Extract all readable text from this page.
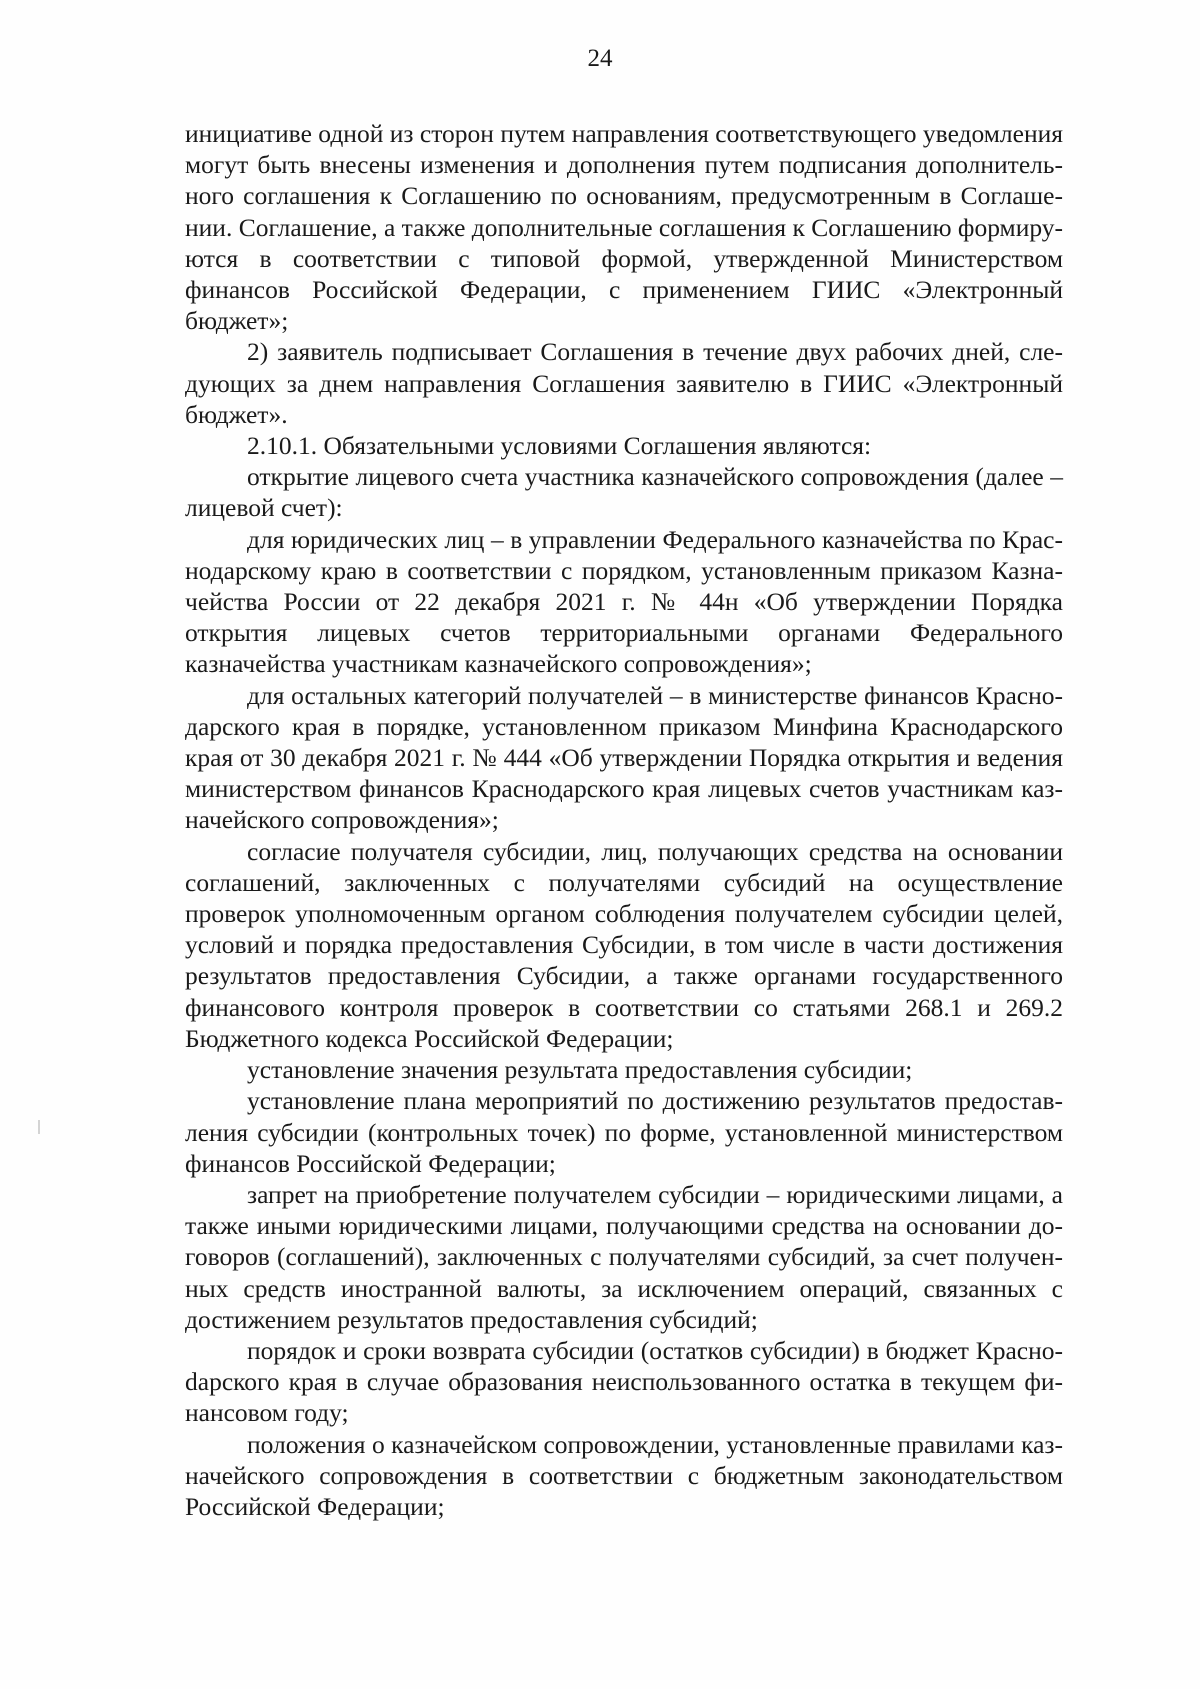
24

инициативе одной из сторон путем направления соответствующего уведомления могут быть внесены изменения и дополнения путем подписания дополнительного соглашения к Соглашению по основаниям, предусмотренным в Соглашении. Соглашение, а также дополнительные соглашения к Соглашению формируются в соответствии с типовой формой, утвержденной Министерством финансов Российской Федерации, с применением ГИИС «Электронный бюджет»;

2) заявитель подписывает Соглашения в течение двух рабочих дней, следующих за днем направления Соглашения заявителю в ГИИС «Электронный бюджет».

2.10.1. Обязательными условиями Соглашения являются:

открытие лицевого счета участника казначейского сопровождения (далее – лицевой счет):

для юридических лиц – в управлении Федерального казначейства по Краснодарскому краю в соответствии с порядком, установленным приказом Казначейства России от 22 декабря 2021 г. № 44н «Об утверждении Порядка открытия лицевых счетов территориальными органами Федерального казначейства участникам казначейского сопровождения»;

для остальных категорий получателей – в министерстве финансов Краснодарского края в порядке, установленном приказом Минфина Краснодарского края от 30 декабря 2021 г. № 444 «Об утверждении Порядка открытия и ведения министерством финансов Краснодарского края лицевых счетов участникам казначейского сопровождения»;

согласие получателя субсидии, лиц, получающих средства на основании соглашений, заключенных с получателями субсидий на осуществление проверок уполномоченным органом соблюдения получателем субсидии целей, условий и порядка предоставления Субсидии, в том числе в части достижения результатов предоставления Субсидии, а также органами государственного финансового контроля проверок в соответствии со статьями 268.1 и 269.2 Бюджетного кодекса Российской Федерации;

установление значения результата предоставления субсидии;

установление плана мероприятий по достижению результатов предоставления субсидии (контрольных точек) по форме, установленной министерством финансов Российской Федерации;

запрет на приобретение получателем субсидии – юридическими лицами, а также иными юридическими лицами, получающими средства на основании договоров (соглашений), заключенных с получателями субсидий, за счет полученных средств иностранной валюты, за исключением операций, связанных с достижением результатов предоставления субсидий;

порядок и сроки возврата субсидии (остатков субсидии) в бюджет Красноdарского края в случае образования неиспользованного остатка в текущем финансовом году;

положения о казначейском сопровождении, установленные правилами казначейского сопровождения в соответствии с бюджетным законодательством Российской Федерации;
